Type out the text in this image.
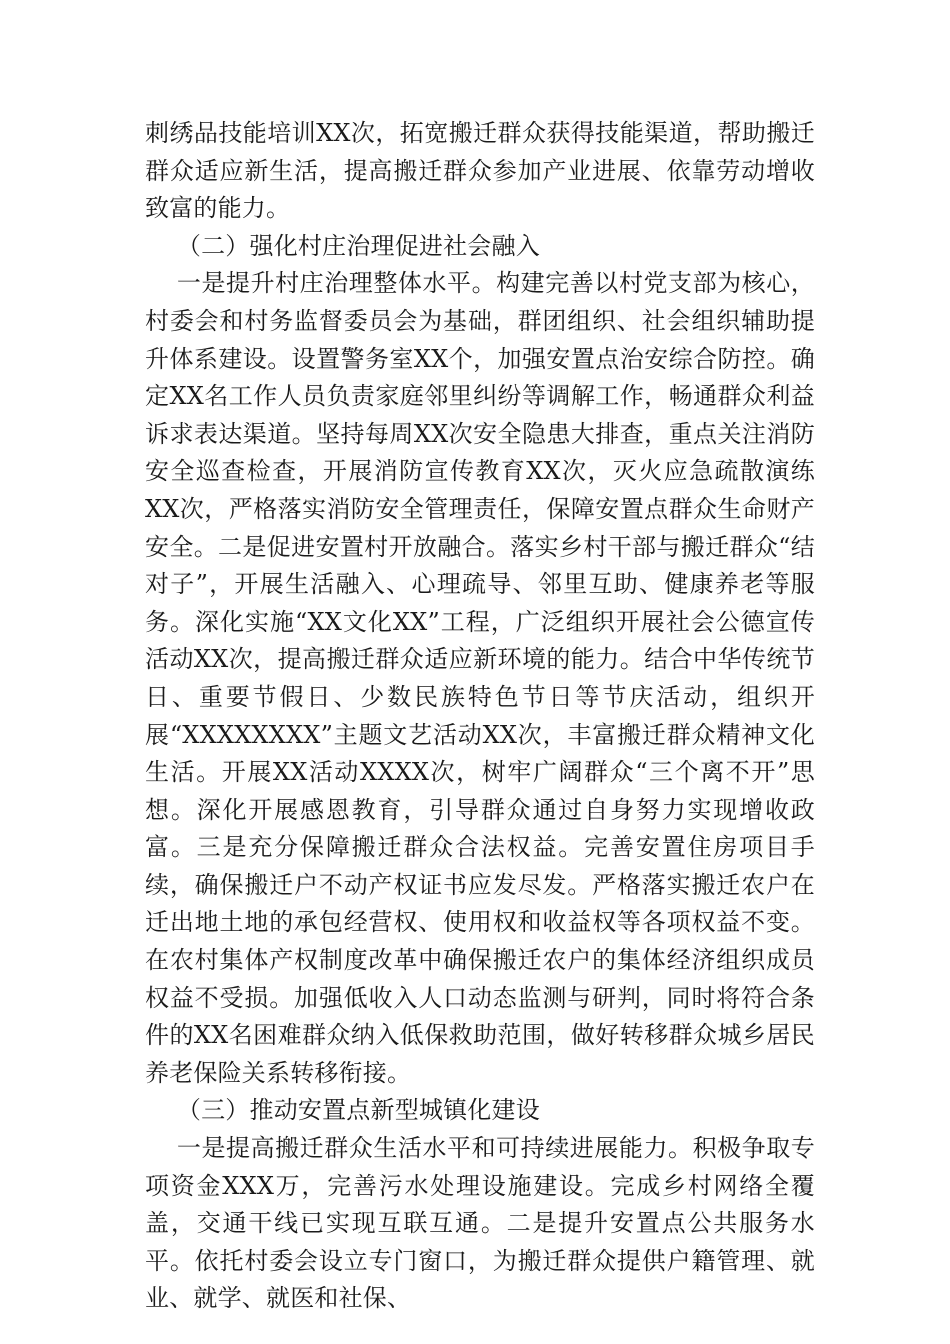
刺绣品技能培训XX次，拓宽搬迁群众获得技能渠道，帮助搬迁群众适应新生活，提高搬迁群众参加产业进展、依靠劳动增收致富的能力。

（二）强化村庄治理促进社会融入

一是提升村庄治理整体水平。构建完善以村党支部为核心，村委会和村务监督委员会为基础，群团组织、社会组织辅助提升体系建设。设置警务室XX个，加强安置点治安综合防控。确定XX名工作人员负责家庭邻里纠纷等调解工作，畅通群众利益诉求表达渠道。坚持每周XX次安全隐患大排查，重点关注消防安全巡查检查，开展消防宣传教育XX次，灭火应急疏散演练XX次，严格落实消防安全管理责任，保障安置点群众生命财产安全。二是促进安置村开放融合。落实乡村干部与搬迁群众“结对子”，开展生活融入、心理疏导、邻里互助、健康养老等服务。深化实施“XX文化XX”工程，广泛组织开展社会公德宣传活动XX次，提高搬迁群众适应新环境的能力。结合中华传统节日、重要节假日、少数民族特色节日等节庆活动，组织开展“XXXXXXXX”主题文艺活动XX次，丰富搬迁群众精神文化生活。开展XX活动XXXX次，树牢广阔群众“三个离不开”思想。深化开展感恩教育，引导群众通过自身努力实现增收政富。三是充分保障搬迁群众合法权益。完善安置住房项目手续，确保搬迁户不动产权证书应发尽发。严格落实搬迁农户在迁出地土地的承包经营权、使用权和收益权等各项权益不变。在农村集体产权制度改革中确保搬迁农户的集体经济组织成员权益不受损。加强低收入人口动态监测与研判，同时将符合条件的XX名困难群众纳入低保救助范围，做好转移群众城乡居民养老保险关系转移衔接。

（三）推动安置点新型城镇化建设

一是提高搬迁群众生活水平和可持续进展能力。积极争取专项资金XXX万，完善污水处理设施建设。完成乡村网络全覆盖，交通干线已实现互联互通。二是提升安置点公共服务水平。依托村委会设立专门窗口，为搬迁群众提供户籍管理、就业、就学、就医和社保、
